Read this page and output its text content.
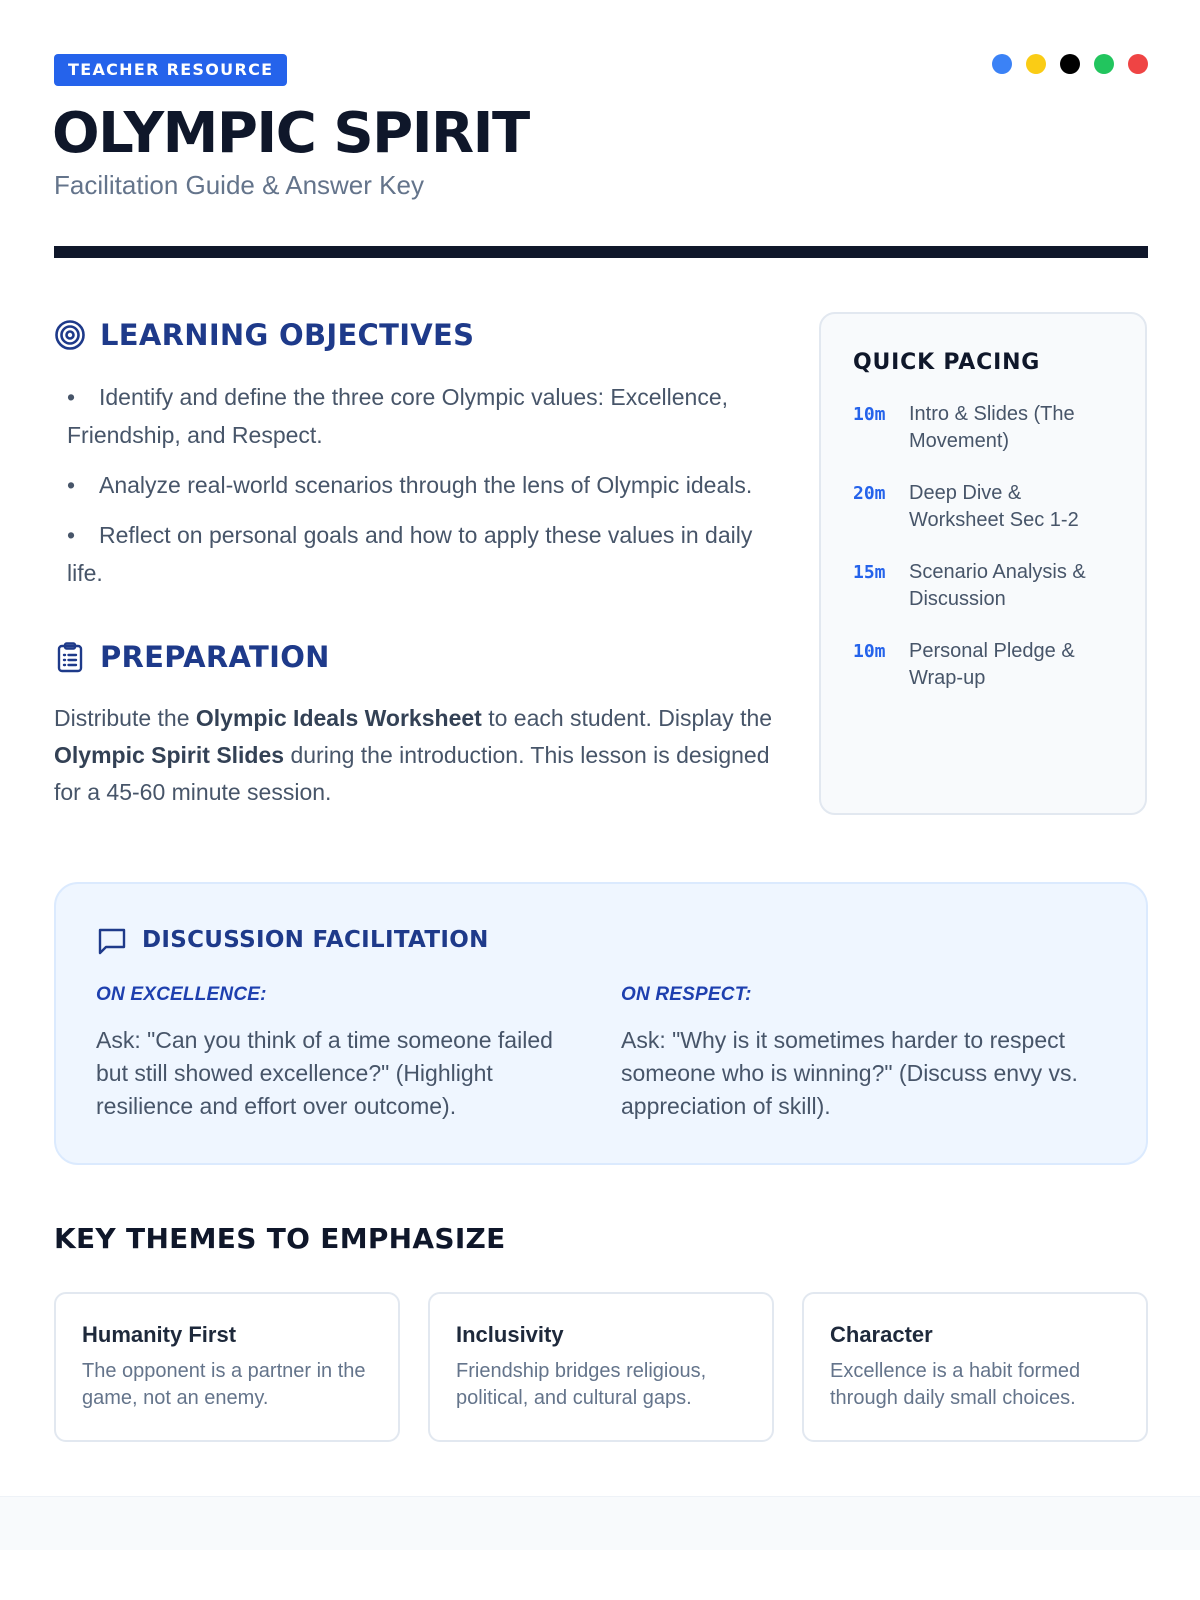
TEACHER RESOURCE
OLYMPIC SPIRIT
Facilitation Guide & Answer Key
LEARNING OBJECTIVES
• Identify and define the three core Olympic values: Excellence, Friendship, and Respect.
• Analyze real-world scenarios through the lens of Olympic ideals.
• Reflect on personal goals and how to apply these values in daily life.
PREPARATION

Distribute the Olympic Ideals Worksheet to each student. Display the Olympic Spirit Slides during the introduction. This lesson is designed for a 45-60 minute session.

QUICK PACING
10m Intro & Slides (The Movement)
20m Deep Dive & Worksheet Sec 1-2
15m Scenario Analysis & Discussion
10m Personal Pledge & Wrap-up
DISCUSSION FACILITATION
ON EXCELLENCE:
Ask: "Can you think of a time someone failed but still showed excellence?" (Highlight resilience and effort over outcome).
ON RESPECT:
Ask: "Why is it sometimes harder to respect someone who is winning?" (Discuss envy vs. appreciation of skill).
KEY THEMES TO EMPHASIZE
Humanity First
The opponent is a partner in the game, not an enemy.
Inclusivity
Friendship bridges religious, political, and cultural gaps.
Character
Excellence is a habit formed through daily small choices.
